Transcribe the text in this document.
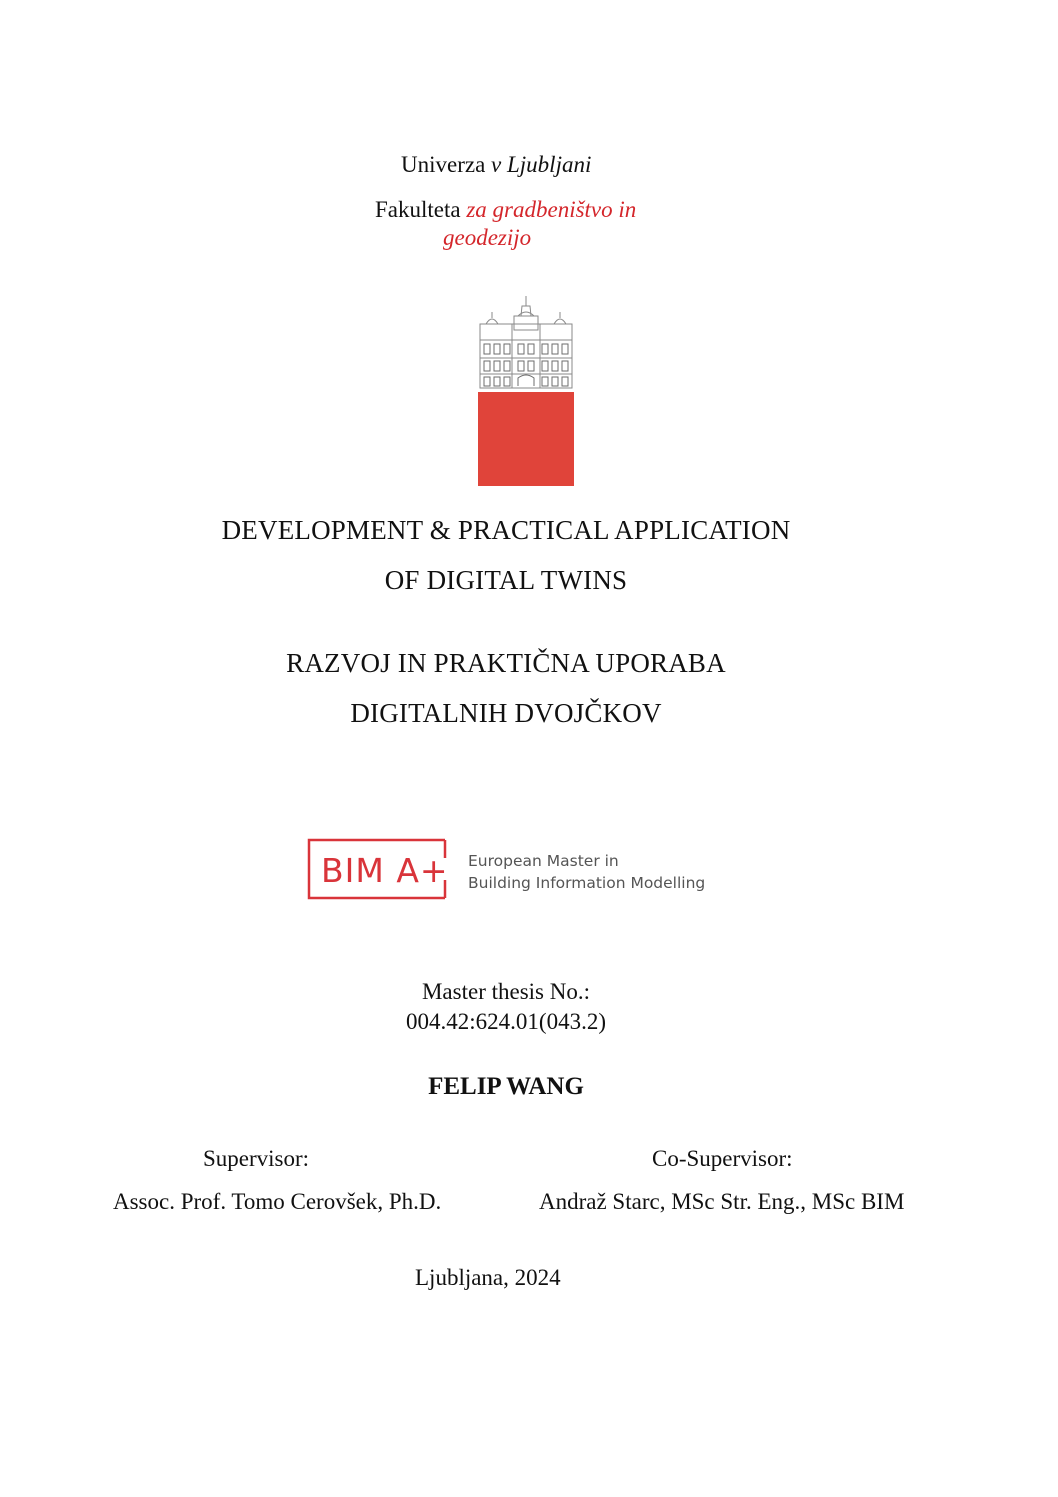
Univerza v Ljubljani
Fakulteta za gradbeništvo in
geodezijo
DEVELOPMENT & PRACTICAL APPLICATION
OF DIGITAL TWINS
RAZVOJ IN PRAKTIČNA UPORABA
DIGITALNIH DVOJČKOV
BIM A+ European Master in
Building Information Modelling
Master thesis No.:
004.42:624.01(043.2)
FELIP WANG
Supervisor:
Assoc. Prof. Tomo Cerovšek, Ph.D.
Co-Supervisor:
Andraž Starc, MSc Str. Eng., MSc BIM
Ljubljana, 2024
